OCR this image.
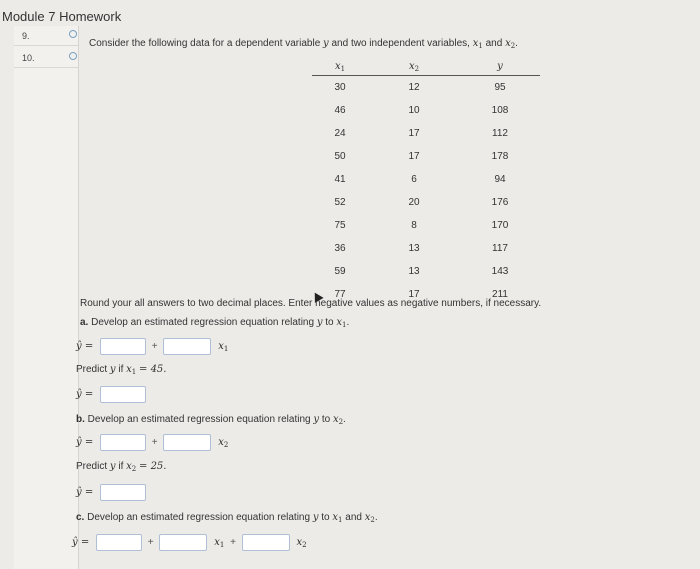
Module 7 Homework
9.
10.
Consider the following data for a dependent variable y and two independent variables, $x_1$ and $x_2$.
$x_1$	$x_2$	y
30	12	95
46	10	108
24	17	112
50	17	178
41	6	94
52	20	176
75	8	170
36	13	117
59	13	143
77	17	211
Round your all answers to two decimal places. Enter negative values as negative numbers, if necessary.
a. Develop an estimated regression equation relating y to $x_1$.
ŷ =	+	$x_1$
Predict y if $x_1 = 45$.
ŷ =
b. Develop an estimated regression equation relating y to $x_2$.
ŷ =	+	$x_2$
Predict y if $x_2 = 25$.
ŷ =
c. Develop an estimated regression equation relating y to $x_1$ and $x_2$.
ŷ =	+	$x_1$ +	$x_2$
